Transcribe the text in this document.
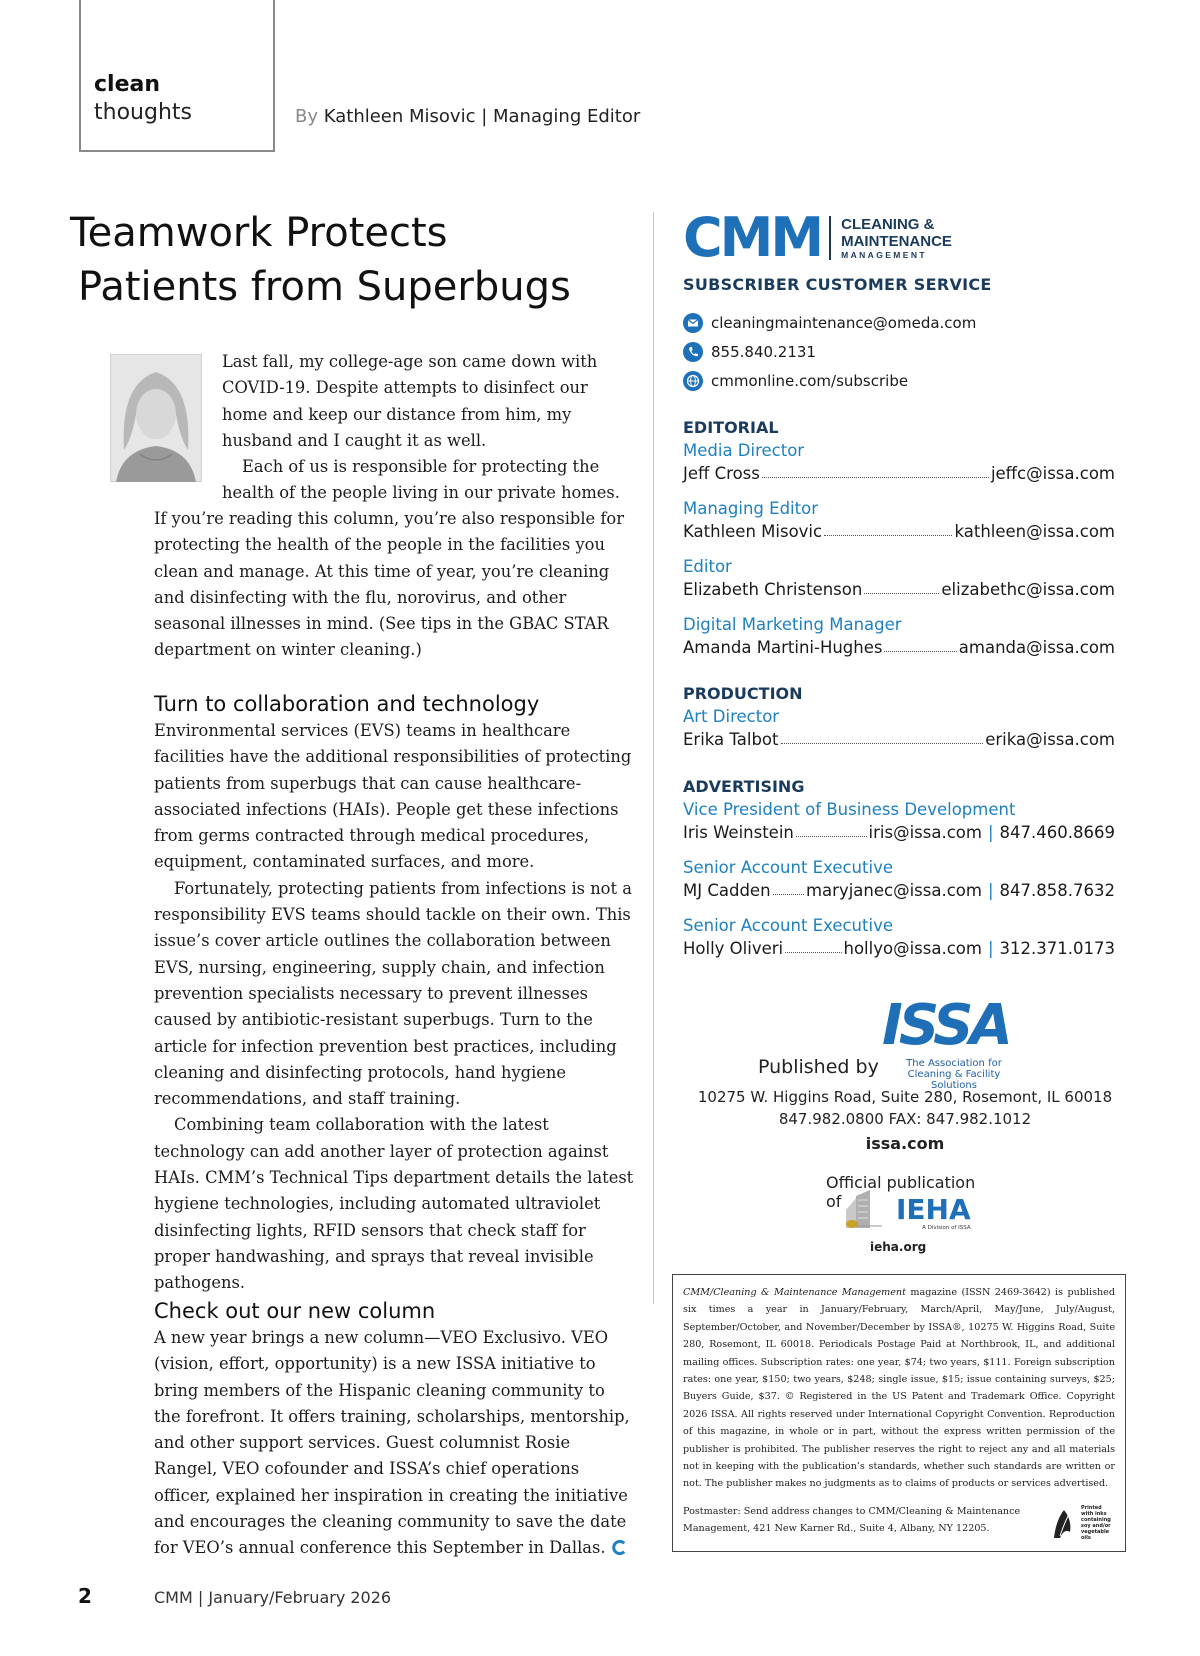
clean
thoughts	By Kathleen Misovic | Managing Editor
Teamwork Protects
Patients from Superbugs
Last fall, my college-age son came down with COVID-19. Despite attempts to disinfect our home and keep our distance from him, my husband and I caught it as well.
Each of us is responsible for protecting the health of the people living in our private homes.
If you’re reading this column, you’re also responsible for protecting the health of the people in the facilities you clean and manage. At this time of year, you’re cleaning and disinfecting with the flu, norovirus, and other seasonal illnesses in mind. (See tips in the GBAC STAR department on winter cleaning.)
Turn to collaboration and technology
Environmental services (EVS) teams in healthcare facilities have the additional responsibilities of protecting patients from superbugs that can cause healthcare-associated infections (HAIs). People get these infections from germs contracted through medical procedures, equipment, contaminated surfaces, and more.
Fortunately, protecting patients from infections is not a responsibility EVS teams should tackle on their own. This issue’s cover article outlines the collaboration between EVS, nursing, engineering, supply chain, and infection prevention specialists necessary to prevent illnesses caused by antibiotic-resistant superbugs. Turn to the article for infection prevention best practices, including cleaning and disinfecting protocols, hand hygiene recommendations, and staff training.
Combining team collaboration with the latest technology can add another layer of protection against HAIs. CMM’s Technical Tips department details the latest hygiene technologies, including automated ultraviolet disinfecting lights, RFID sensors that check staff for proper handwashing, and sprays that reveal invisible pathogens.
Check out our new column
A new year brings a new column—VEO Exclusivo. VEO (vision, effort, opportunity) is a new ISSA initiative to bring members of the Hispanic cleaning community to the forefront. It offers training, scholarships, mentorship, and other support services. Guest columnist Rosie Rangel, VEO cofounder and ISSA’s chief operations officer, explained her inspiration in creating the initiative and encourages the cleaning community to save the date for VEO’s annual conference this September in Dallas.
CMM CLEANING &
MAINTENANCE
MANAGEMENT
SUBSCRIBER CUSTOMER SERVICE
cleaningmaintenance@omeda.com
855.840.2131
cmmonline.com/subscribe
EDITORIAL
Media Director
Jeff Cross	jeffc@issa.com
Managing Editor
Kathleen Misovic	kathleen@issa.com
Editor
Elizabeth Christenson	elizabethc@issa.com
Digital Marketing Manager
Amanda Martini-Hughes	amanda@issa.com
PRODUCTION
Art Director
Erika Talbot	erika@issa.com
ADVERTISING
Vice President of Business Development
Iris Weinstein	iris@issa.com | 847.460.8669
Senior Account Executive
MJ Cadden maryjanec@issa.com | 847.858.7632
Senior Account Executive
Holly Oliveri	hollyo@issa.com | 312.371.0173
ISSA
The Association for
Cleaning & Facility Solutions
Published by
10275 W. Higgins Road, Suite 280, Rosemont, IL 60018
847.982.0800 FAX: 847.982.1012
issa.com
Official publication
of	IEHA
A Division of ISSA
ieha.org

CMM/Cleaning & Maintenance Management magazine (ISSN 2469-3642) is published six times a year in January/February, March/April, May/June, July/August, September/October, and November/December by ISSA®, 10275 W. Higgins Road, Suite 280, Rosemont, IL 60018. Periodicals Postage Paid at Northbrook, IL, and additional mailing offices. Subscription rates: one year, $74; two years, $111. Foreign subscription rates: one year, $150; two years, $248; single issue, $15; issue containing surveys, $25; Buyers Guide, $37. © Registered in the US Patent and Trademark Office. Copyright 2026 ISSA. All rights reserved under International Copyright Convention. Reproduction of this magazine, in whole or in part, without the express written permission of the publisher is prohibited. The publisher reserves the right to reject any and all materials not in keeping with the publication’s standards, whether such standards are written or not. The publisher makes no judgments as to claims of products or services advertised.

Postmaster: Send address changes to CMM/Cleaning & Maintenance Management, 421 New Karner Rd., Suite 4, Albany, NY 12205.

Printed with inks containing soy and/or vegetable oils
2	CMM | January/February 2026
